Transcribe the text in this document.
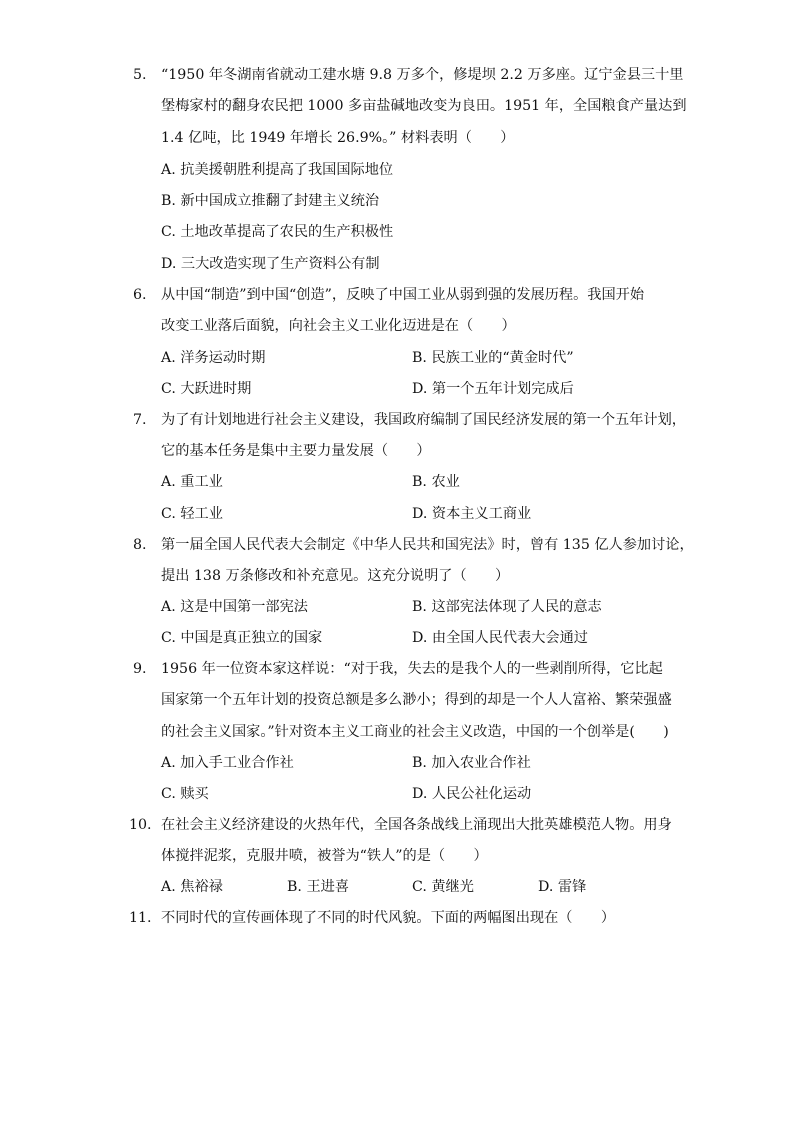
5.	“1950 年冬湖南省就动工建水塘 9.8 万多个，修堤坝 2.2 万多座。辽宁金县三十里
堡梅家村的翻身农民把 1000 多亩盐碱地改变为良田。1951 年，全国粮食产量达到
1.4 亿吨，比 1949 年增长 26.9%。” 材料表明（　　）
A. 抗美援朝胜利提高了我国国际地位
B. 新中国成立推翻了封建主义统治
C. 土地改革提高了农民的生产积极性
D. 三大改造实现了生产资料公有制
6.	从中国“制造”到中国“创造”，反映了中国工业从弱到强的发展历程。我国开始
改变工业落后面貌，向社会主义工业化迈进是在（　　）
A. 洋务运动时期	B. 民族工业的“黄金时代”
C. 大跃进时期	D. 第一个五年计划完成后
7.	为了有计划地进行社会主义建设，我国政府编制了国民经济发展的第一个五年计划，
它的基本任务是集中主要力量发展（　　）
A. 重工业	B. 农业
C. 轻工业	D. 资本主义工商业
8.	第一届全国人民代表大会制定《中华人民共和国宪法》时，曾有 135 亿人参加讨论，
提出 138 万条修改和补充意见。这充分说明了（　　）
A. 这是中国第一部宪法	B. 这部宪法体现了人民的意志
C. 中国是真正独立的国家	D. 由全国人民代表大会通过
9.	1956 年一位资本家这样说：“对于我，失去的是我个人的一些剥削所得，它比起
国家第一个五年计划的投资总额是多么渺小；得到的却是一个人人富裕、繁荣强盛
的社会主义国家。”针对资本主义工商业的社会主义改造，中国的一个创举是(　　)
A. 加入手工业合作社	B. 加入农业合作社
C. 赎买	D. 人民公社化运动
10. 在社会主义经济建设的火热年代，全国各条战线上涌现出大批英雄模范人物。用身
体搅拌泥浆，克服井喷，被誉为“铁人”的是（　　）
A. 焦裕禄	B. 王进喜	C. 黄继光	D. 雷锋
11. 不同时代的宣传画体现了不同的时代风貌。下面的两幅图出现在（　　）
